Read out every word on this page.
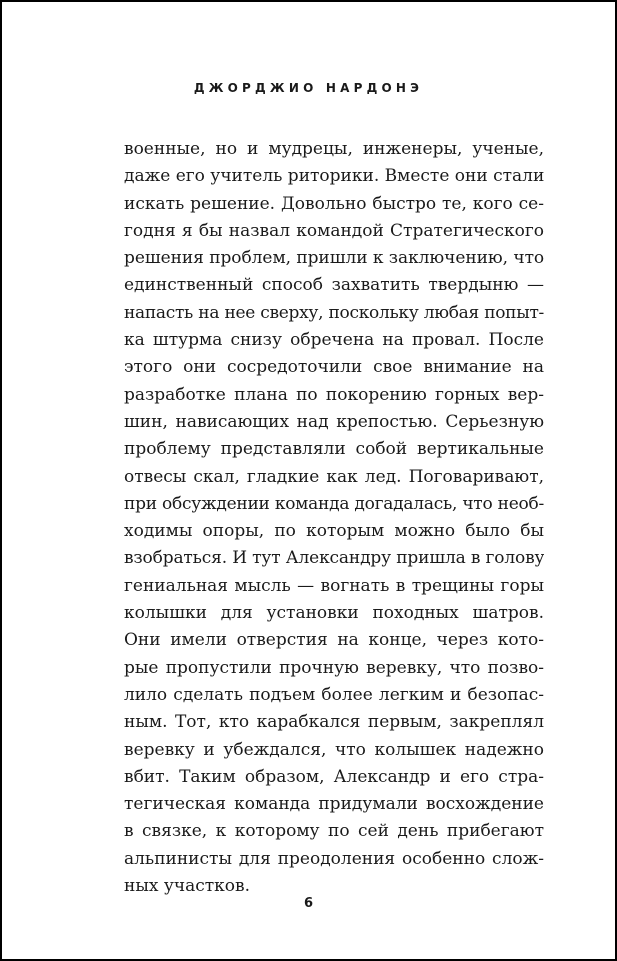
ДЖОРДЖИО НАРДОНЭ
военные, но и мудрецы, инженеры, ученые,
даже его учитель риторики. Вместе они стали
искать решение. Довольно быстро те, кого се-
годня я бы назвал командой Стратегического
решения проблем, пришли к заключению, что
единственный способ захватить твердыню —
напасть на нее сверху, поскольку любая попыт-
ка штурма снизу обречена на провал. После
этого они сосредоточили свое внимание на
разработке плана по покорению горных вер-
шин, нависающих над крепостью. Серьезную
проблему представляли собой вертикальные
отвесы скал, гладкие как лед. Поговаривают,
при обсуждении команда догадалась, что необ-
ходимы опоры, по которым можно было бы
взобраться. И тут Александру пришла в голову
гениальная мысль — вогнать в трещины горы
колышки для установки походных шатров.
Они имели отверстия на конце, через кото-
рые пропустили прочную веревку, что позво-
лило сделать подъем более легким и безопас-
ным. Тот, кто карабкался первым, закреплял
веревку и убеждался, что колышек надежно
вбит. Таким образом, Александр и его стра-
тегическая команда придумали восхождение
в связке, к которому по сей день прибегают
альпинисты для преодоления особенно слож-
ных участков.
6
